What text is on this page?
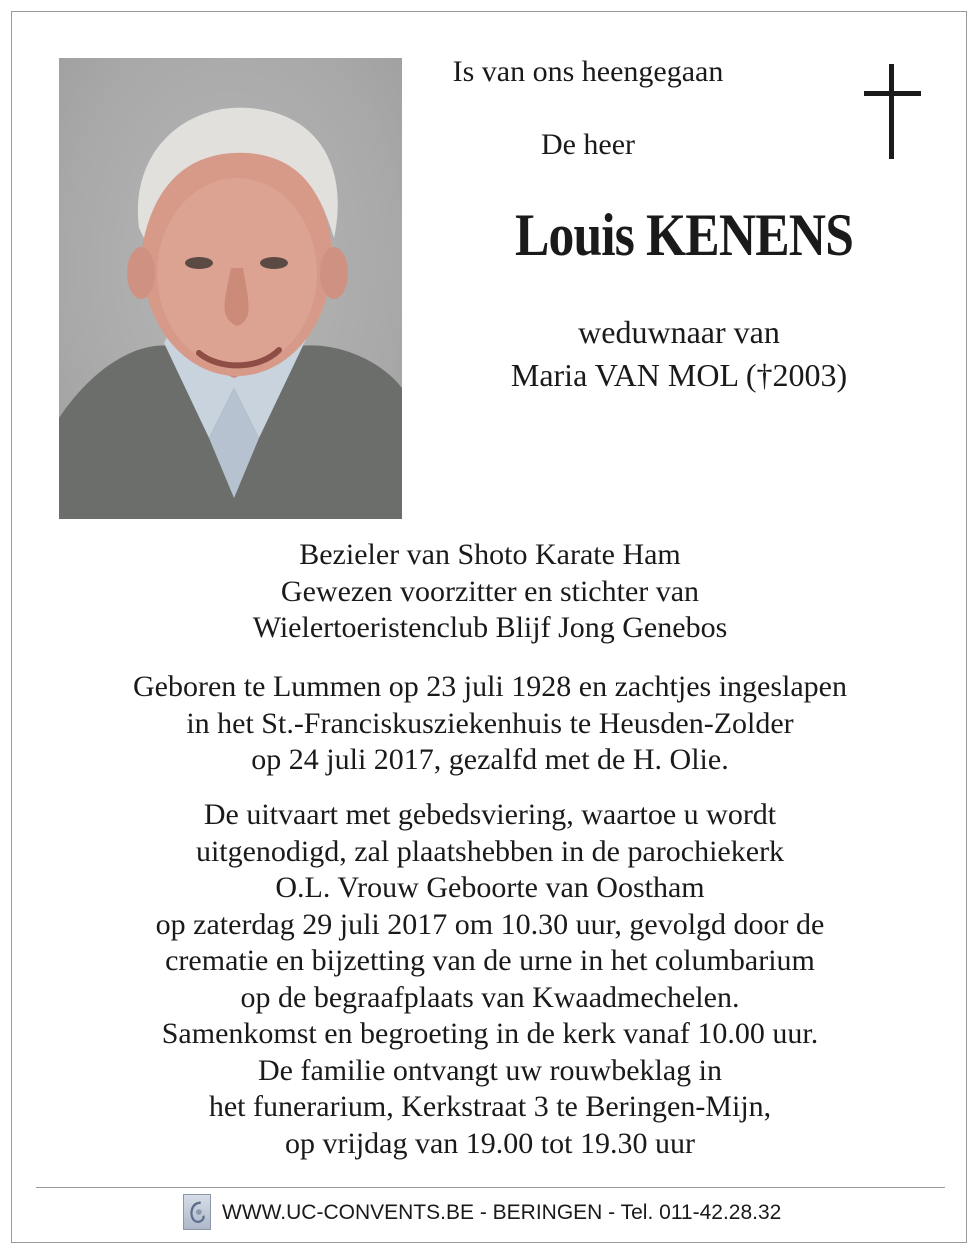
Is van ons heengegaan
De heer
Louis KENENS
weduwnaar van
Maria VAN MOL (†2003)
Bezieler van Shoto Karate Ham
Gewezen voorzitter en stichter van
Wielertoeristenclub Blijf Jong Genebos
Geboren te Lummen op 23 juli 1928 en zachtjes ingeslapen
in het St.-Franciskusziekenhuis te Heusden-Zolder
op 24 juli 2017, gezalfd met de H. Olie.
De uitvaart met gebedsviering, waartoe u wordt
uitgenodigd, zal plaatshebben in de parochiekerk
O.L. Vrouw Geboorte van Oostham
op zaterdag 29 juli 2017 om 10.30 uur, gevolgd door de
crematie en bijzetting van de urne in het columbarium
op de begraafplaats van Kwaadmechelen.
Samenkomst en begroeting in de kerk vanaf 10.00 uur.
De familie ontvangt uw rouwbeklag in
het funerarium, Kerkstraat 3 te Beringen-Mijn,
op vrijdag van 19.00 tot 19.30 uur
WWW.UC-CONVENTS.BE - BERINGEN - Tel. 011-42.28.32
